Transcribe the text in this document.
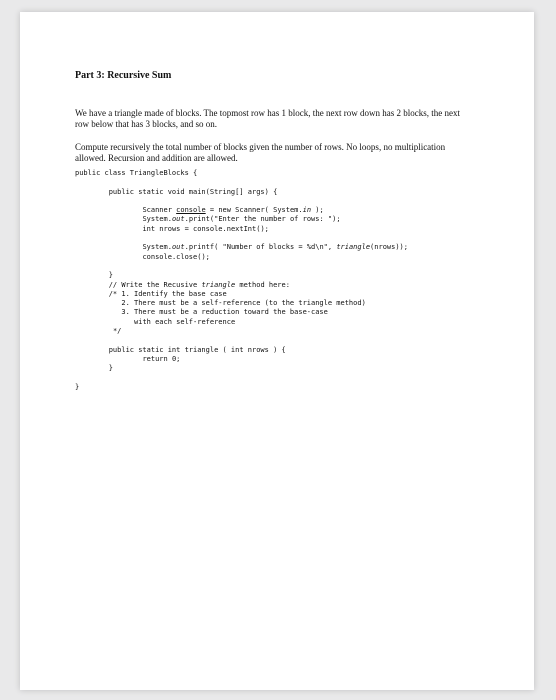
Part 3: Recursive Sum
We have a triangle made of blocks. The topmost row has 1 block, the next row down has 2 blocks, the next row below that has 3 blocks, and so on.
Compute recursively the total number of blocks given the number of rows. No loops, no multiplication allowed. Recursion and addition are allowed.
public class TriangleBlocks {

public static void main(String[] args) {

Scanner console = new Scanner( System.in );
System.out.print("Enter the number of rows: ");
int nrows = console.nextInt();

System.out.printf( "Number of blocks = %d\n", triangle(nrows));
console.close();

}
// Write the Recusive triangle method here:
/* 1. Identify the base case
2. There must be a self-reference (to the triangle method)
3. There must be a reduction toward the base-case
with each self-reference
*/

public static int triangle ( int nrows ) {
return 0;
}

}
